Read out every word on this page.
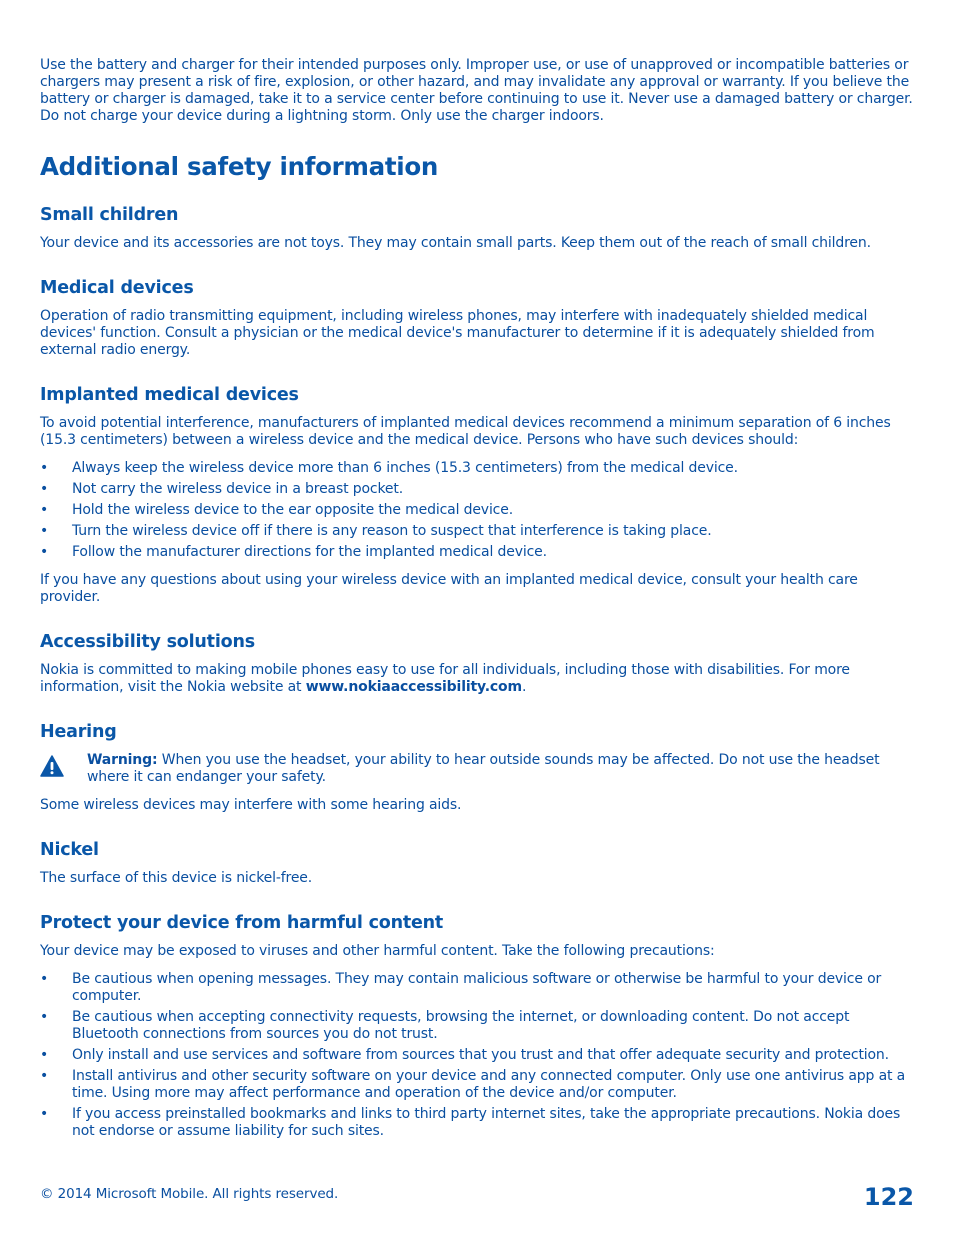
Use the battery and charger for their intended purposes only. Improper use, or use of unapproved or incompatible batteries or chargers may present a risk of fire, explosion, or other hazard, and may invalidate any approval or warranty. If you believe the battery or charger is damaged, take it to a service center before continuing to use it. Never use a damaged battery or charger. Do not charge your device during a lightning storm. Only use the charger indoors.

Additional safety information
Small children

Your device and its accessories are not toys. They may contain small parts. Keep them out of the reach of small children.

Medical devices

Operation of radio transmitting equipment, including wireless phones, may interfere with inadequately shielded medical devices' function. Consult a physician or the medical device's manufacturer to determine if it is adequately shielded from external radio energy.

Implanted medical devices

To avoid potential interference, manufacturers of implanted medical devices recommend a minimum separation of 6 inches (15.3 centimeters) between a wireless device and the medical device. Persons who have such devices should:

• Always keep the wireless device more than 6 inches (15.3 centimeters) from the medical device.
• Not carry the wireless device in a breast pocket.
• Hold the wireless device to the ear opposite the medical device.
• Turn the wireless device off if there is any reason to suspect that interference is taking place.
• Follow the manufacturer directions for the implanted medical device.

If you have any questions about using your wireless device with an implanted medical device, consult your health care provider.

Accessibility solutions

Nokia is committed to making mobile phones easy to use for all individuals, including those with disabilities. For more information, visit the Nokia website at www.nokiaaccessibility.com.

Hearing

Warning: When you use the headset, your ability to hear outside sounds may be affected. Do not use the headset where it can endanger your safety.

Some wireless devices may interfere with some hearing aids.

Nickel

The surface of this device is nickel-free.

Protect your device from harmful content

Your device may be exposed to viruses and other harmful content. Take the following precautions:

• Be cautious when opening messages. They may contain malicious software or otherwise be harmful to your device or computer.
• Be cautious when accepting connectivity requests, browsing the internet, or downloading content. Do not accept Bluetooth connections from sources you do not trust.
• Only install and use services and software from sources that you trust and that offer adequate security and protection.
• Install antivirus and other security software on your device and any connected computer. Only use one antivirus app at a time. Using more may affect performance and operation of the device and/or computer.
• If you access preinstalled bookmarks and links to third party internet sites, take the appropriate precautions. Nokia does not endorse or assume liability for such sites.
© 2014 Microsoft Mobile. All rights reserved.	122
